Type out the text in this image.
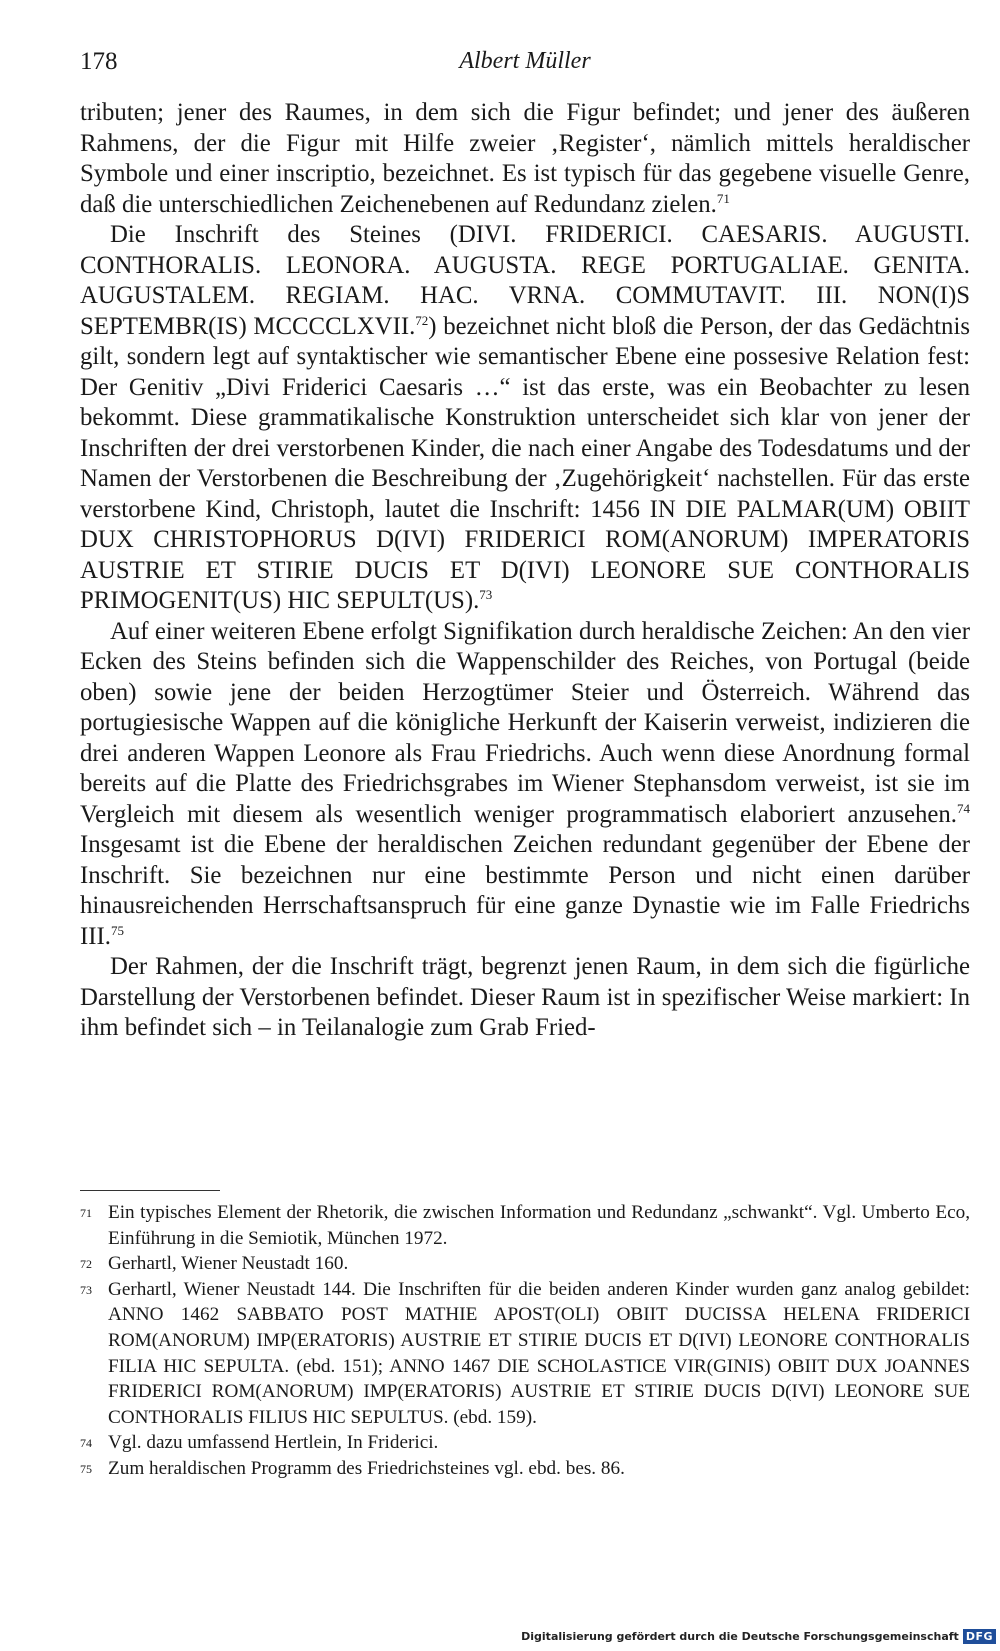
178	Albert Müller

tributen; jener des Raumes, in dem sich die Figur befindet; und jener des äußeren Rahmens, der die Figur mit Hilfe zweier ‚Register‘, nämlich mittels heraldischer Symbole und einer inscriptio, bezeichnet. Es ist typisch für das gegebene visuelle Genre, daß die unterschiedlichen Zeichenebenen auf Redundanz zielen.$^{71}$

Die Inschrift des Steines (DIVI. FRIDERICI. CAESARIS. AUGUSTI. CONTHORALIS. LEONORA. AUGUSTA. REGE PORTUGALIAE. GENITA. AUGUSTALEM. REGIAM. HAC. VRNA. COMMUTAVIT. III. NON(I)S SEPTEMBR(IS) MCCCCLXVII.$^{72}$) bezeichnet nicht bloß die Person, der das Gedächtnis gilt, sondern legt auf syntaktischer wie semantischer Ebene eine possesive Relation fest: Der Genitiv „Divi Friderici Caesaris …“ ist das erste, was ein Beobachter zu lesen bekommt. Diese grammatikalische Konstruktion unterscheidet sich klar von jener der Inschriften der drei verstorbenen Kinder, die nach einer Angabe des Todesdatums und der Namen der Verstorbenen die Beschreibung der ‚Zugehörigkeit‘ nachstellen. Für das erste verstorbene Kind, Christoph, lautet die Inschrift: 1456 IN DIE PALMAR(UM) OBIIT DUX CHRISTOPHORUS D(IVI) FRIDERICI ROM(ANORUM) IMPERATORIS AUSTRIE ET STIRIE DUCIS ET D(IVI) LEONORE SUE CONTHORALIS PRIMOGENIT(US) HIC SEPULT(US).$^{73}$

Auf einer weiteren Ebene erfolgt Signifikation durch heraldische Zeichen: An den vier Ecken des Steins befinden sich die Wappenschilder des Reiches, von Portugal (beide oben) sowie jene der beiden Herzogtümer Steier und Österreich. Während das portugiesische Wappen auf die königliche Herkunft der Kaiserin verweist, indizieren die drei anderen Wappen Leonore als Frau Friedrichs. Auch wenn diese Anordnung formal bereits auf die Platte des Friedrichsgrabes im Wiener Stephansdom verweist, ist sie im Vergleich mit diesem als wesentlich weniger programmatisch elaboriert anzusehen.$^{74}$ Insgesamt ist die Ebene der heraldischen Zeichen redundant gegenüber der Ebene der Inschrift. Sie bezeichnen nur eine bestimmte Person und nicht einen darüber hinausreichenden Herrschaftsanspruch für eine ganze Dynastie wie im Falle Friedrichs III.$^{75}$

Der Rahmen, der die Inschrift trägt, begrenzt jenen Raum, in dem sich die figürliche Darstellung der Verstorbenen befindet. Dieser Raum ist in spezifischer Weise markiert: In ihm befindet sich – in Teilanalogie zum Grab Fried-

71 Ein typisches Element der Rhetorik, die zwischen Information und Redundanz „schwankt“. Vgl. Umberto Eco, Einführung in die Semiotik, München 1972.

72 Gerhartl, Wiener Neustadt 160.

73 Gerhartl, Wiener Neustadt 144. Die Inschriften für die beiden anderen Kinder wurden ganz analog gebildet: ANNO 1462 SABBATO POST MATHIE APOST(OLI) OBIIT DUCISSA HELENA FRIDERICI ROM(ANORUM) IMP(ERATORIS) AUSTRIE ET STIRIE DUCIS ET D(IVI) LEONORE CONTHORALIS FILIA HIC SEPULTA. (ebd. 151); ANNO 1467 DIE SCHOLASTICE VIR(GINIS) OBIIT DUX JOANNES FRIDERICI ROM(ANORUM) IMP(ERATORIS) AUSTRIE ET STIRIE DUCIS D(IVI) LEONORE SUE CONTHORALIS FILIUS HIC SEPULTUS. (ebd. 159).

74 Vgl. dazu umfassend Hertlein, In Friderici.

75 Zum heraldischen Programm des Friedrichsteines vgl. ebd. bes. 86.

Digitalisierung gefördert durch die Deutsche Forschungsgemeinschaft DFG
